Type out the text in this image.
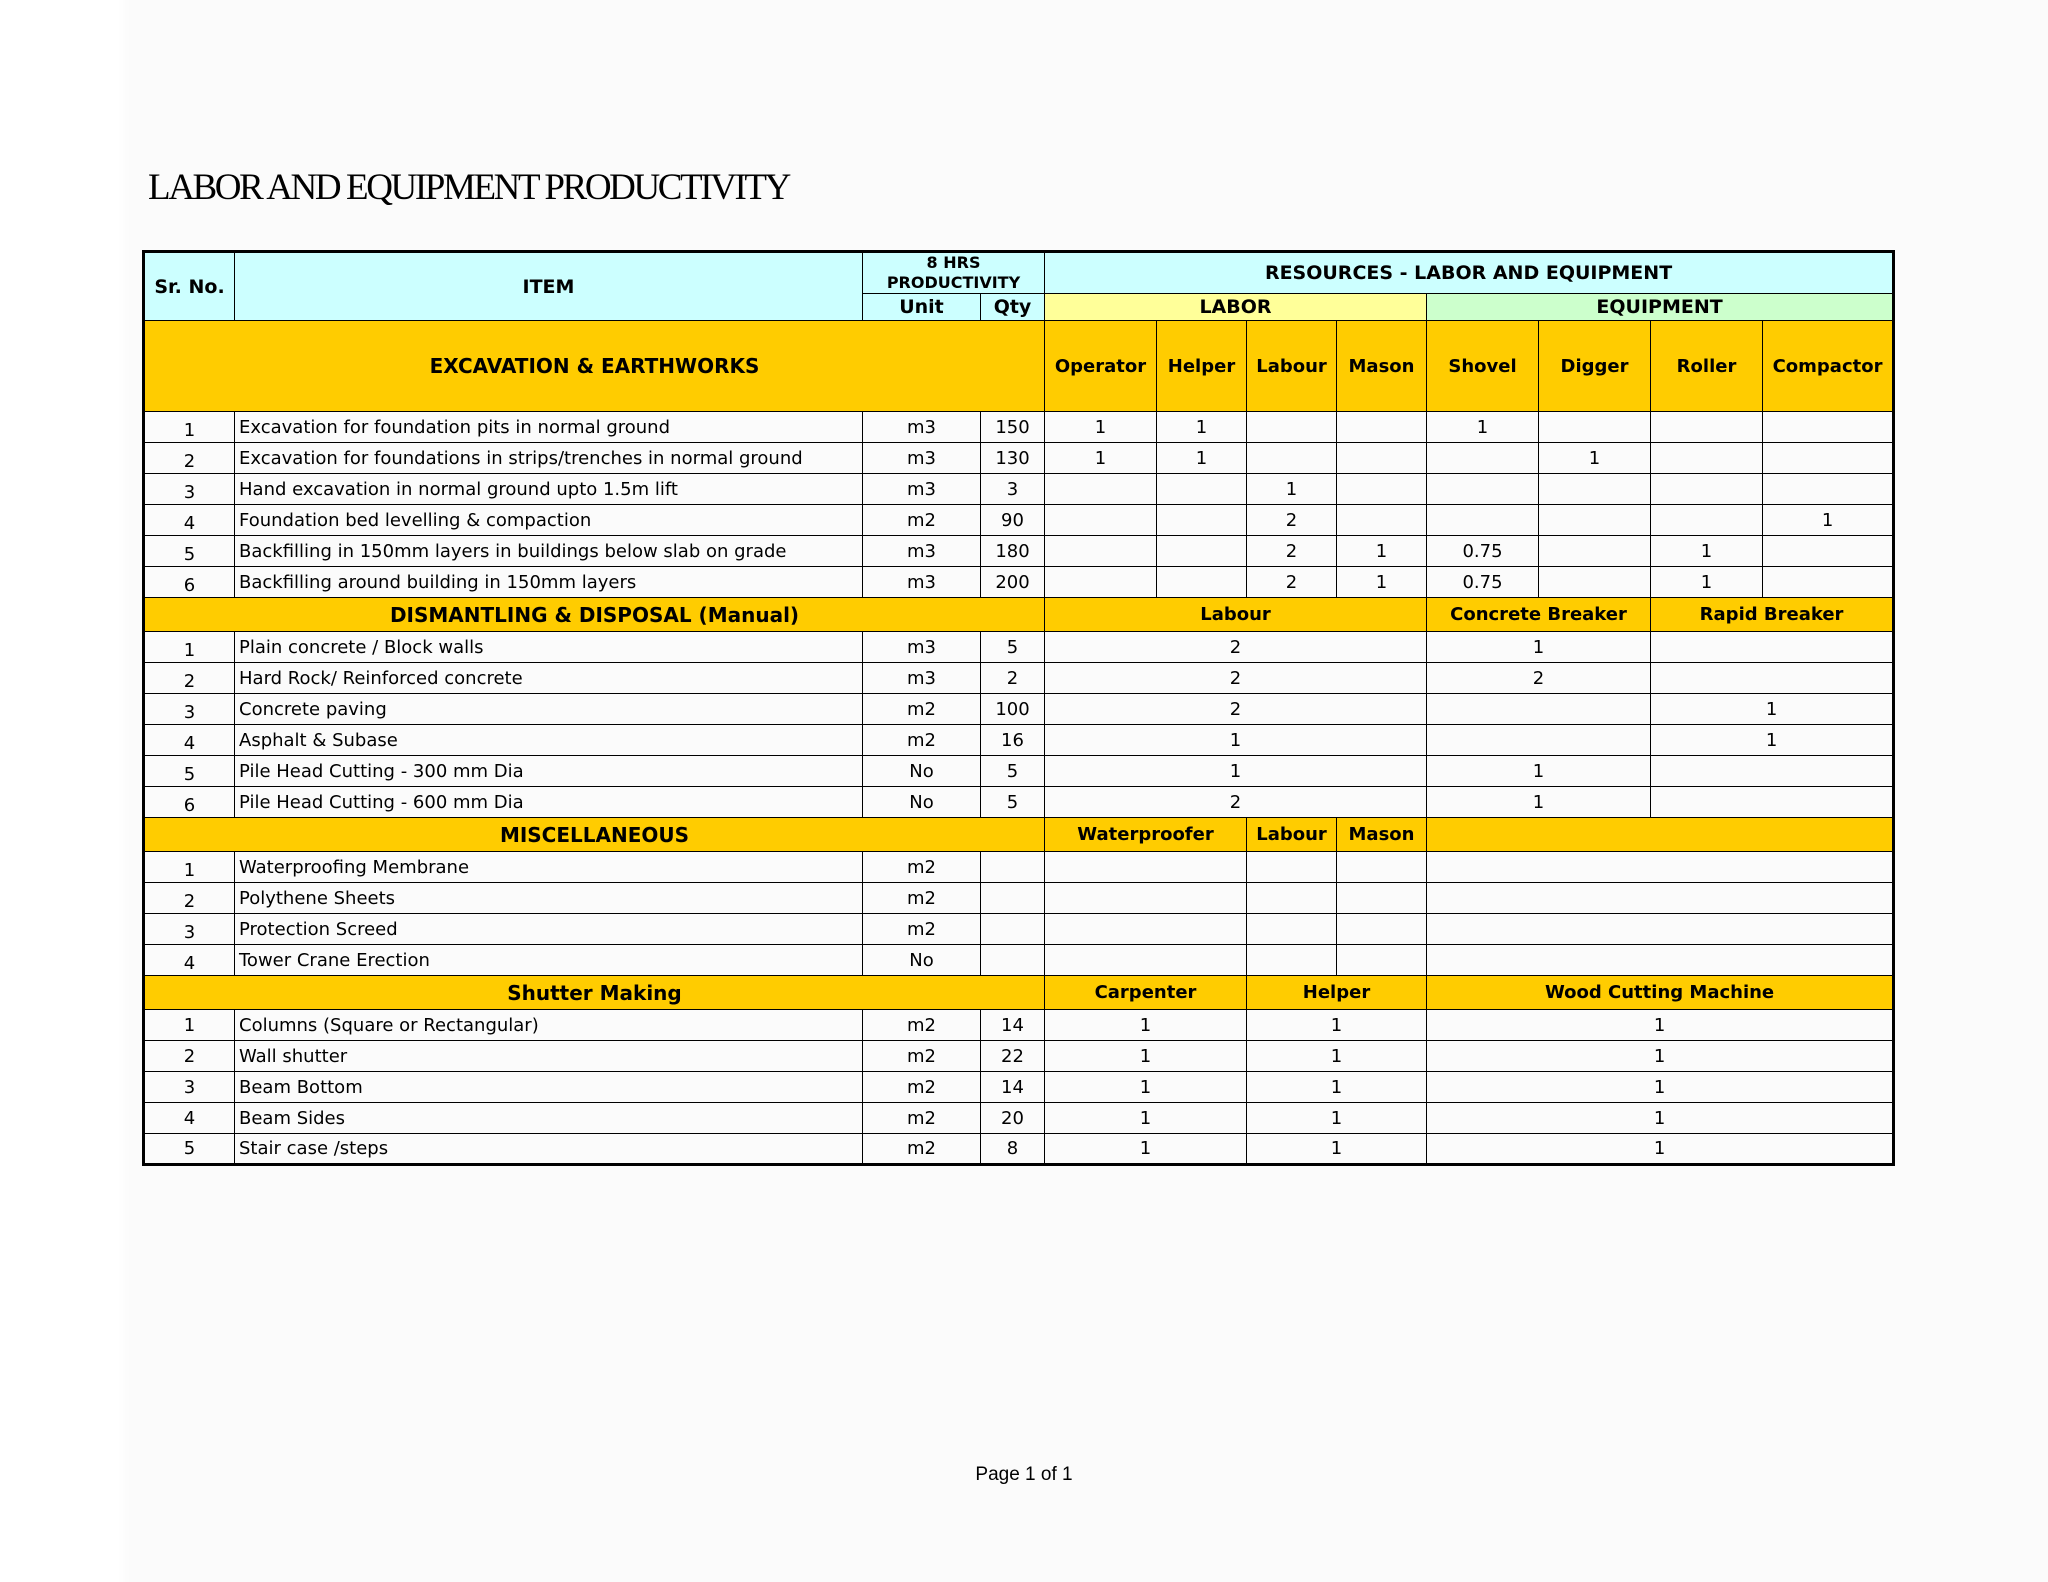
LABOR AND EQUIPMENT PRODUCTIVITY
Sr. No.	ITEM	8 HRS
PRODUCTIVITY		RESOURCES - LABOR AND EQUIPMENT							
		Unit	Qty	LABOR				EQUIPMENT			
EXCAVATION & EARTHWORKS				Operator	Helper	Labour	Mason	Shovel	Digger	Roller	Compactor
1	Excavation for foundation pits in normal ground	m3	150	1	1			1			
2	Excavation for foundations in strips/trenches in normal ground	m3	130	1	1				1		
3	Hand excavation in normal ground upto 1.5m lift	m3	3			1					
4	Foundation bed levelling & compaction	m2	90			2					1
5	Backfilling in 150mm layers in buildings below slab on grade	m3	180			2	1	0.75		1	
6	Backfilling around building in 150mm layers	m3	200			2	1	0.75		1	
DISMANTLING & DISPOSAL (Manual)				Labour				Concrete Breaker		Rapid Breaker	
1	Plain concrete / Block walls	m3	5	2				1			
2	Hard Rock/ Reinforced concrete	m3	2	2				2			
3	Concrete paving	m2	100	2						1	
4	Asphalt & Subase	m2	16	1						1	
5	Pile Head Cutting - 300 mm Dia	No	5	1				1			
6	Pile Head Cutting - 600 mm Dia	No	5	2				1			
MISCELLANEOUS				Waterproofer		Labour	Mason				
1	Waterproofing Membrane	m2									
2	Polythene Sheets	m2									
3	Protection Screed	m2									
4	Tower Crane Erection	No									
Shutter Making				Carpenter		Helper		Wood Cutting Machine			
1	Columns (Square or Rectangular)	m2	14	1		1		1			
2	Wall shutter	m2	22	1		1		1			
3	Beam Bottom	m2	14	1		1		1			
4	Beam Sides	m2	20	1		1		1			
5	Stair case /steps	m2	8	1		1		1			
Page 1 of 1
